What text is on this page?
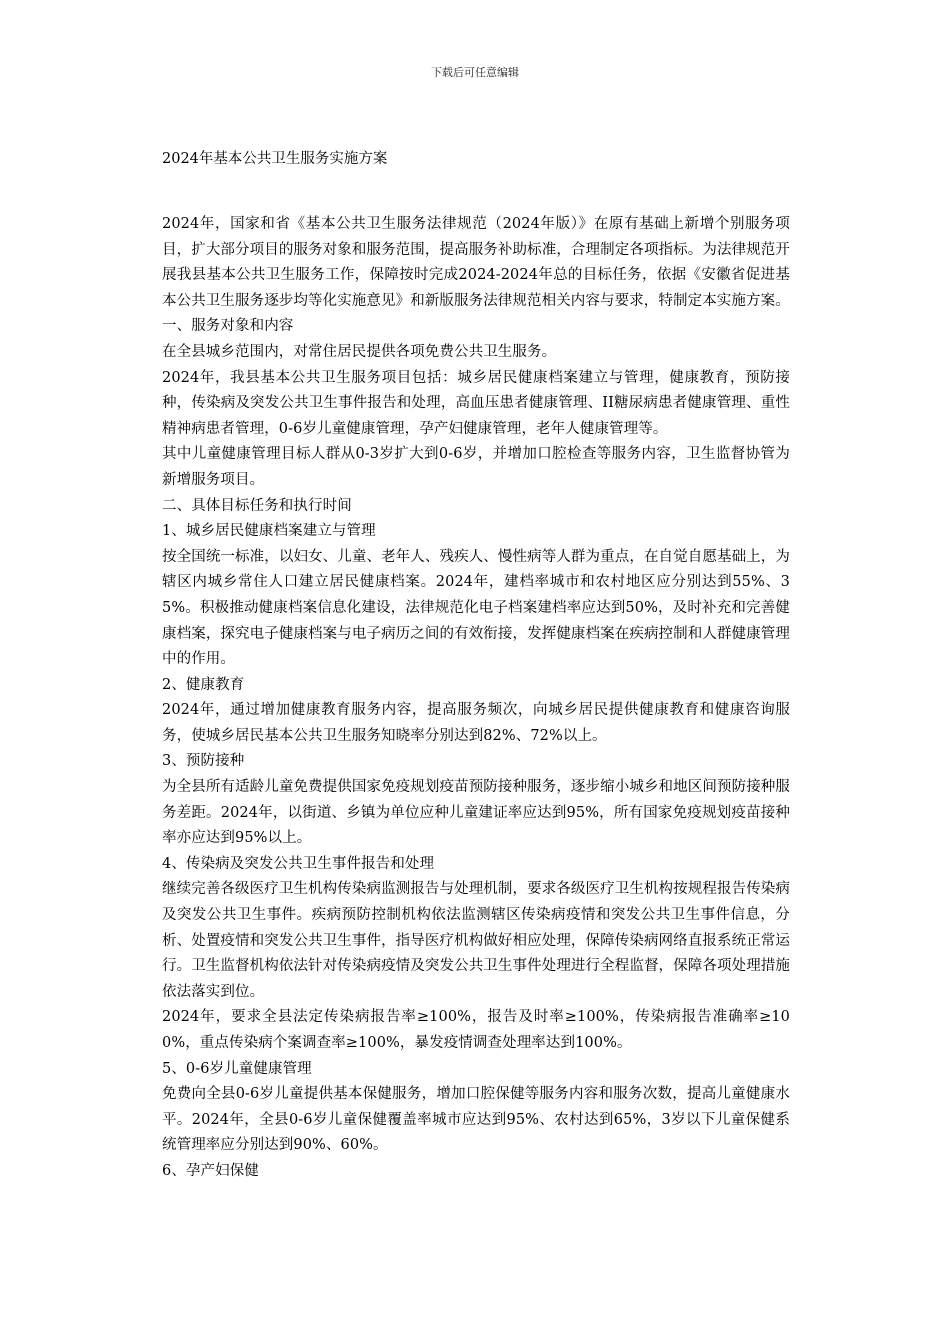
下载后可任意编辑
2024年基本公共卫生服务实施方案

2024年，国家和省《基本公共卫生服务法律规范（2024年版）》在原有基础上新增个别服务项目，扩大部分项目的服务对象和服务范围，提高服务补助标准，合理制定各项指标。为法律规范开展我县基本公共卫生服务工作，保障按时完成2024-2024年总的目标任务，依据《安徽省促进基本公共卫生服务逐步均等化实施意见》和新版服务法律规范相关内容与要求，特制定本实施方案。

一、服务对象和内容

在全县城乡范围内，对常住居民提供各项免费公共卫生服务。

2024年，我县基本公共卫生服务项目包括：城乡居民健康档案建立与管理，健康教育，预防接种，传染病及突发公共卫生事件报告和处理，高血压患者健康管理、II糖尿病患者健康管理、重性精神病患者管理，0-6岁儿童健康管理，孕产妇健康管理，老年人健康管理等。

其中儿童健康管理目标人群从0-3岁扩大到0-6岁，并增加口腔检查等服务内容，卫生监督协管为新增服务项目。

二、具体目标任务和执行时间

1、城乡居民健康档案建立与管理

按全国统一标准，以妇女、儿童、老年人、残疾人、慢性病等人群为重点，在自觉自愿基础上，为辖区内城乡常住人口建立居民健康档案。2024年，建档率城市和农村地区应分别达到55%、35%。积极推动健康档案信息化建设，法律规范化电子档案建档率应达到50%，及时补充和完善健康档案，探究电子健康档案与电子病历之间的有效衔接，发挥健康档案在疾病控制和人群健康管理中的作用。

2、健康教育

2024年，通过增加健康教育服务内容，提高服务频次，向城乡居民提供健康教育和健康咨询服务，使城乡居民基本公共卫生服务知晓率分别达到82%、72%以上。

3、预防接种

为全县所有适龄儿童免费提供国家免疫规划疫苗预防接种服务，逐步缩小城乡和地区间预防接种服务差距。2024年，以街道、乡镇为单位应种儿童建证率应达到95%，所有国家免疫规划疫苗接种率亦应达到95%以上。

4、传染病及突发公共卫生事件报告和处理

继续完善各级医疗卫生机构传染病监测报告与处理机制，要求各级医疗卫生机构按规程报告传染病及突发公共卫生事件。疾病预防控制机构依法监测辖区传染病疫情和突发公共卫生事件信息，分析、处置疫情和突发公共卫生事件，指导医疗机构做好相应处理，保障传染病网络直报系统正常运行。卫生监督机构依法针对传染病疫情及突发公共卫生事件处理进行全程监督，保障各项处理措施依法落实到位。

2024年，要求全县法定传染病报告率≥100%，报告及时率≥100%，传染病报告准确率≥100%，重点传染病个案调查率≥100%，暴发疫情调查处理率达到100%。

5、0-6岁儿童健康管理

免费向全县0-6岁儿童提供基本保健服务，增加口腔保健等服务内容和服务次数，提高儿童健康水平。2024年，全县0-6岁儿童保健覆盖率城市应达到95%、农村达到65%，3岁以下儿童保健系统管理率应分别达到90%、60%。

6、孕产妇保健
